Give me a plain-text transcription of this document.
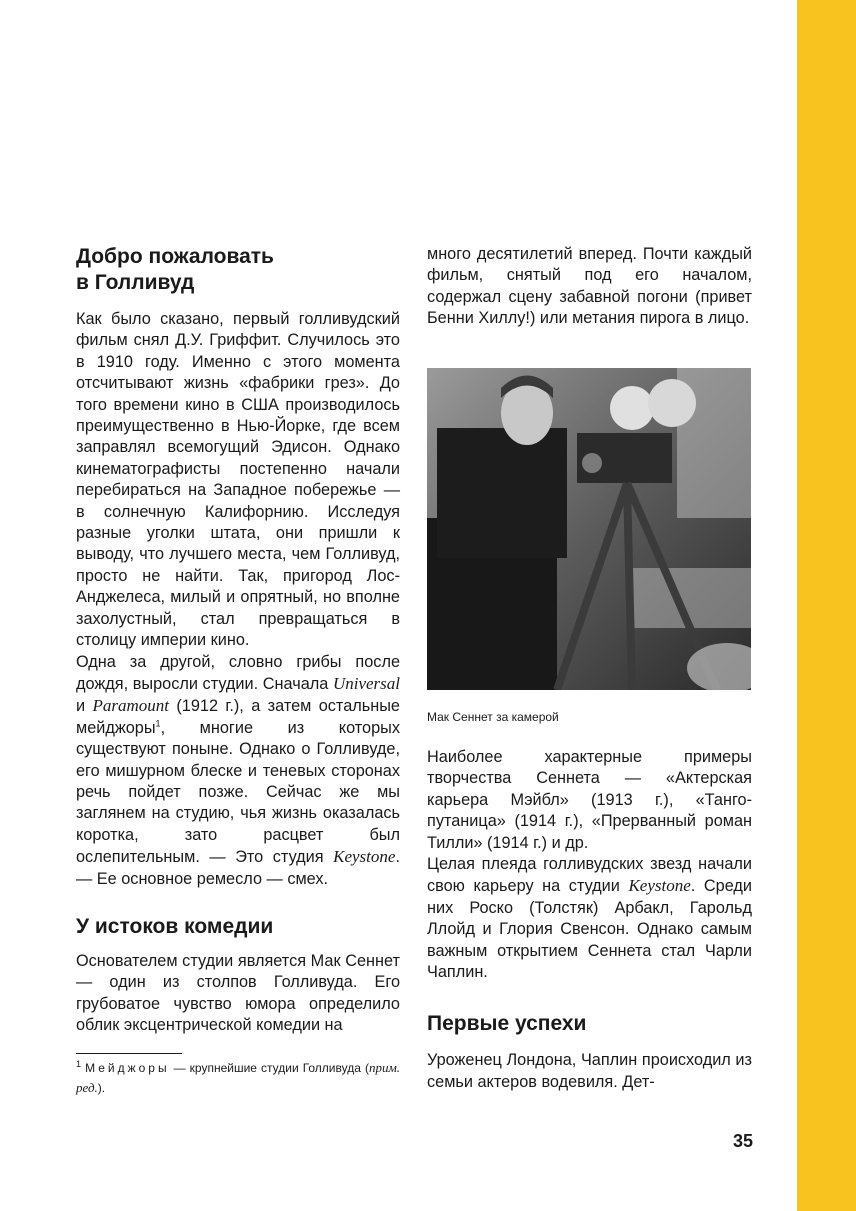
Добро пожаловать
в Голливуд

Как было сказано, первый голливудский фильм снял Д.У. Гриффит. Случилось это в 1910 году. Именно с этого момента отсчитывают жизнь «фабрики грез». До того времени кино в США производилось преимущественно в Нью-Йорке, где всем заправлял всемогущий Эдисон. Однако кинематографисты постепенно начали перебираться на Западное побережье — в солнечную Калифорнию. Исследуя разные уголки штата, они пришли к выводу, что лучшего места, чем Голливуд, просто не найти. Так, пригород Лос-Анджелеса, милый и опрятный, но вполне захолустный, стал превращаться в столицу империи кино.

Одна за другой, словно грибы после дождя, выросли студии. Сначала Universal и Paramount (1912 г.), а затем остальные мейджоры$^1$, многие из которых существуют поныне. Однако о Голливуде, его мишурном блеске и теневых сторонах речь пойдет позже. Сейчас же мы заглянем на студию, чья жизнь оказалась коротка, зато расцвет был ослепительным. — Это студия Keystone. — Ее основное ремесло — смех.

У истоков комедии

Основателем студии является Мак Сеннет — один из столпов Голливуда. Его грубоватое чувство юмора определило облик эксцентрической комедии на

$^1$ Мейджоры — крупнейшие студии Голливуда (прим. ред.).

много десятилетий вперед. Почти каждый фильм, снятый под его началом, содержал сцену забавной погони (привет Бенни Хиллу!) или метания пирога в лицо.

Мак Сеннет за камерой

Наиболее характерные примеры творчества Сеннета — «Актерская карьера Мэйбл» (1913 г.), «Танго-путаница» (1914 г.), «Прерванный роман Тилли» (1914 г.) и др.

Целая плеяда голливудских звезд начали свою карьеру на студии Keystone. Среди них Роско (Толстяк) Арбакл, Гарольд Ллойд и Глория Свенсон. Однако самым важным открытием Сеннета стал Чарли Чаплин.

Первые успехи

Уроженец Лондона, Чаплин происходил из семьи актеров водевиля. Дет-

35
